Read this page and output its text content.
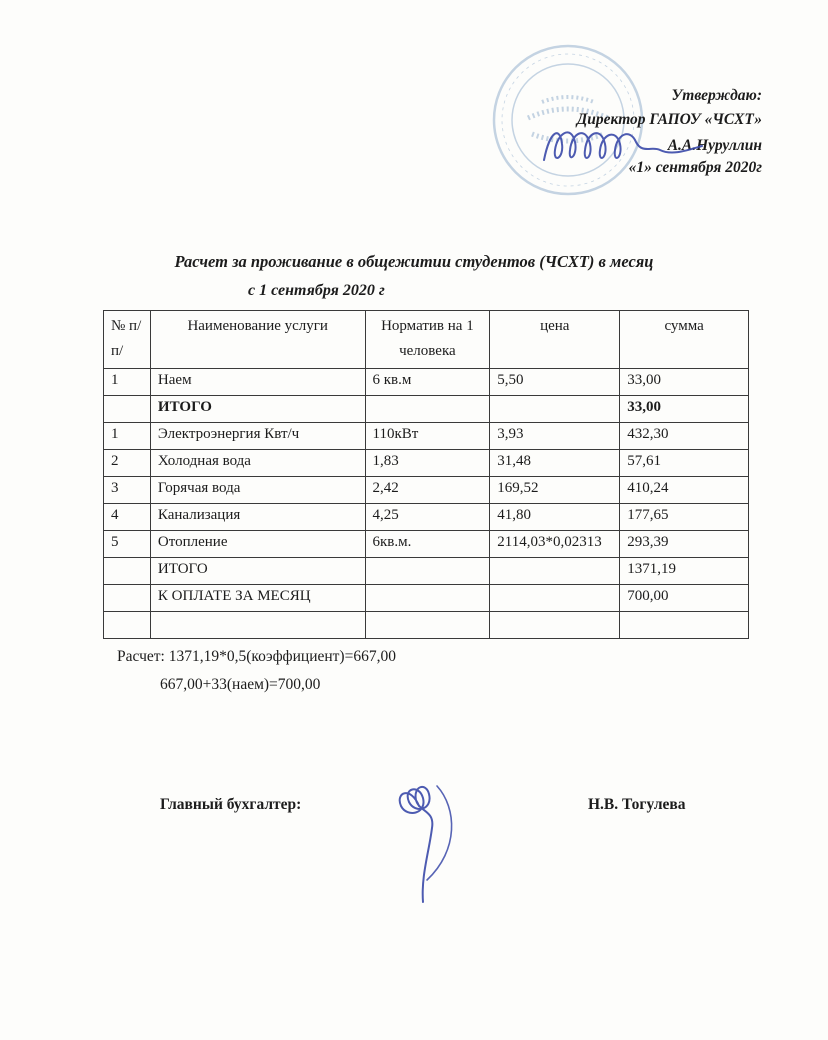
Утверждаю:
Директор ГАПОУ «ЧСХТ»
А.А.Нуруллин
«1» сентября 2020г
Расчет за проживание в общежитии студентов (ЧСХТ) в месяц
с 1 сентября 2020 г
№ п/п/	Наименование услуги	Норматив на 1 человека	цена	сумма
1	Наем	6 кв.м	5,50	33,00
	ИТОГО			33,00
1	Электроэнергия Квт/ч	110кВт	3,93	432,30
2	Холодная вода	1,83	31,48	57,61
3	Горячая вода	2,42	169,52	410,24
4	Канализация	4,25	41,80	177,65
5	Отопление	6кв.м.	2114,03*0,02313	293,39
	ИТОГО			1371,19
	К ОПЛАТЕ ЗА МЕСЯЦ			700,00

Расчет: 1371,19*0,5(коэффициент)=667,00
667,00+33(наем)=700,00
Главный бухгалтер:	Н.В. Тогулева
